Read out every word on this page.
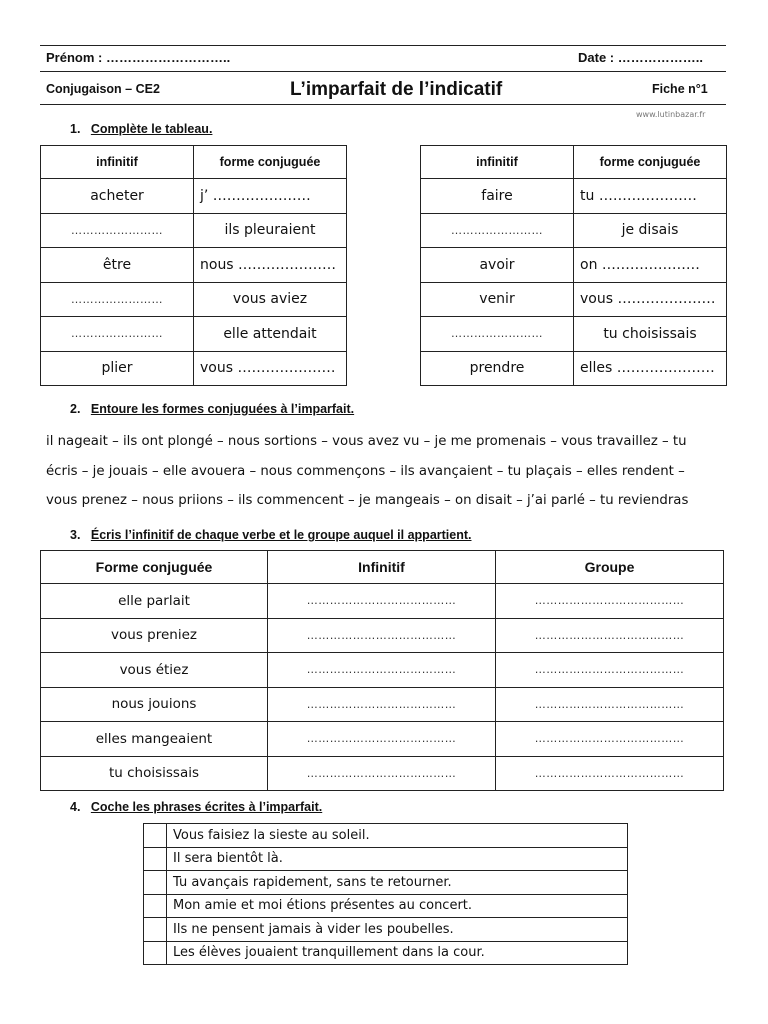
Prénom : ………………………..	Date : ………………..
Conjugaison – CE2	L’imparfait de l’indicatif	Fiche n°1
www.lutinbazar.fr
1. Complète le tableau.
infinitif	forme conjuguée
acheter	j’ …………………
……………………	ils pleuraient
être	nous …………………
……………………	vous aviez
……………………	elle attendait
plier	vous …………………
infinitif	forme conjuguée
faire	tu …………………
……………………	je disais
avoir	on …………………
venir	vous …………………
……………………	tu choisissais
prendre	elles …………………
2. Entoure les formes conjuguées à l’imparfait.
il nageait – ils ont plongé – nous sortions – vous avez vu – je me promenais – vous travaillez – tu
écris – je jouais – elle avouera – nous commençons – ils avançaient – tu plaçais – elles rendent –
vous prenez – nous priions – ils commencent – je mangeais – on disait – j’ai parlé – tu reviendras
3. Écris l’infinitif de chaque verbe et le groupe auquel il appartient.
Forme conjuguée	Infinitif	Groupe
elle parlait	…………………………………	…………………………………
vous preniez	…………………………………	…………………………………
vous étiez	…………………………………	…………………………………
nous jouions	…………………………………	…………………………………
elles mangeaient	…………………………………	…………………………………
tu choisissais	…………………………………	…………………………………
4. Coche les phrases écrites à l’imparfait.
	Vous faisiez la sieste au soleil.
	Il sera bientôt là.
	Tu avançais rapidement, sans te retourner.
	Mon amie et moi étions présentes au concert.
	Ils ne pensent jamais à vider les poubelles.
	Les élèves jouaient tranquillement dans la cour.
